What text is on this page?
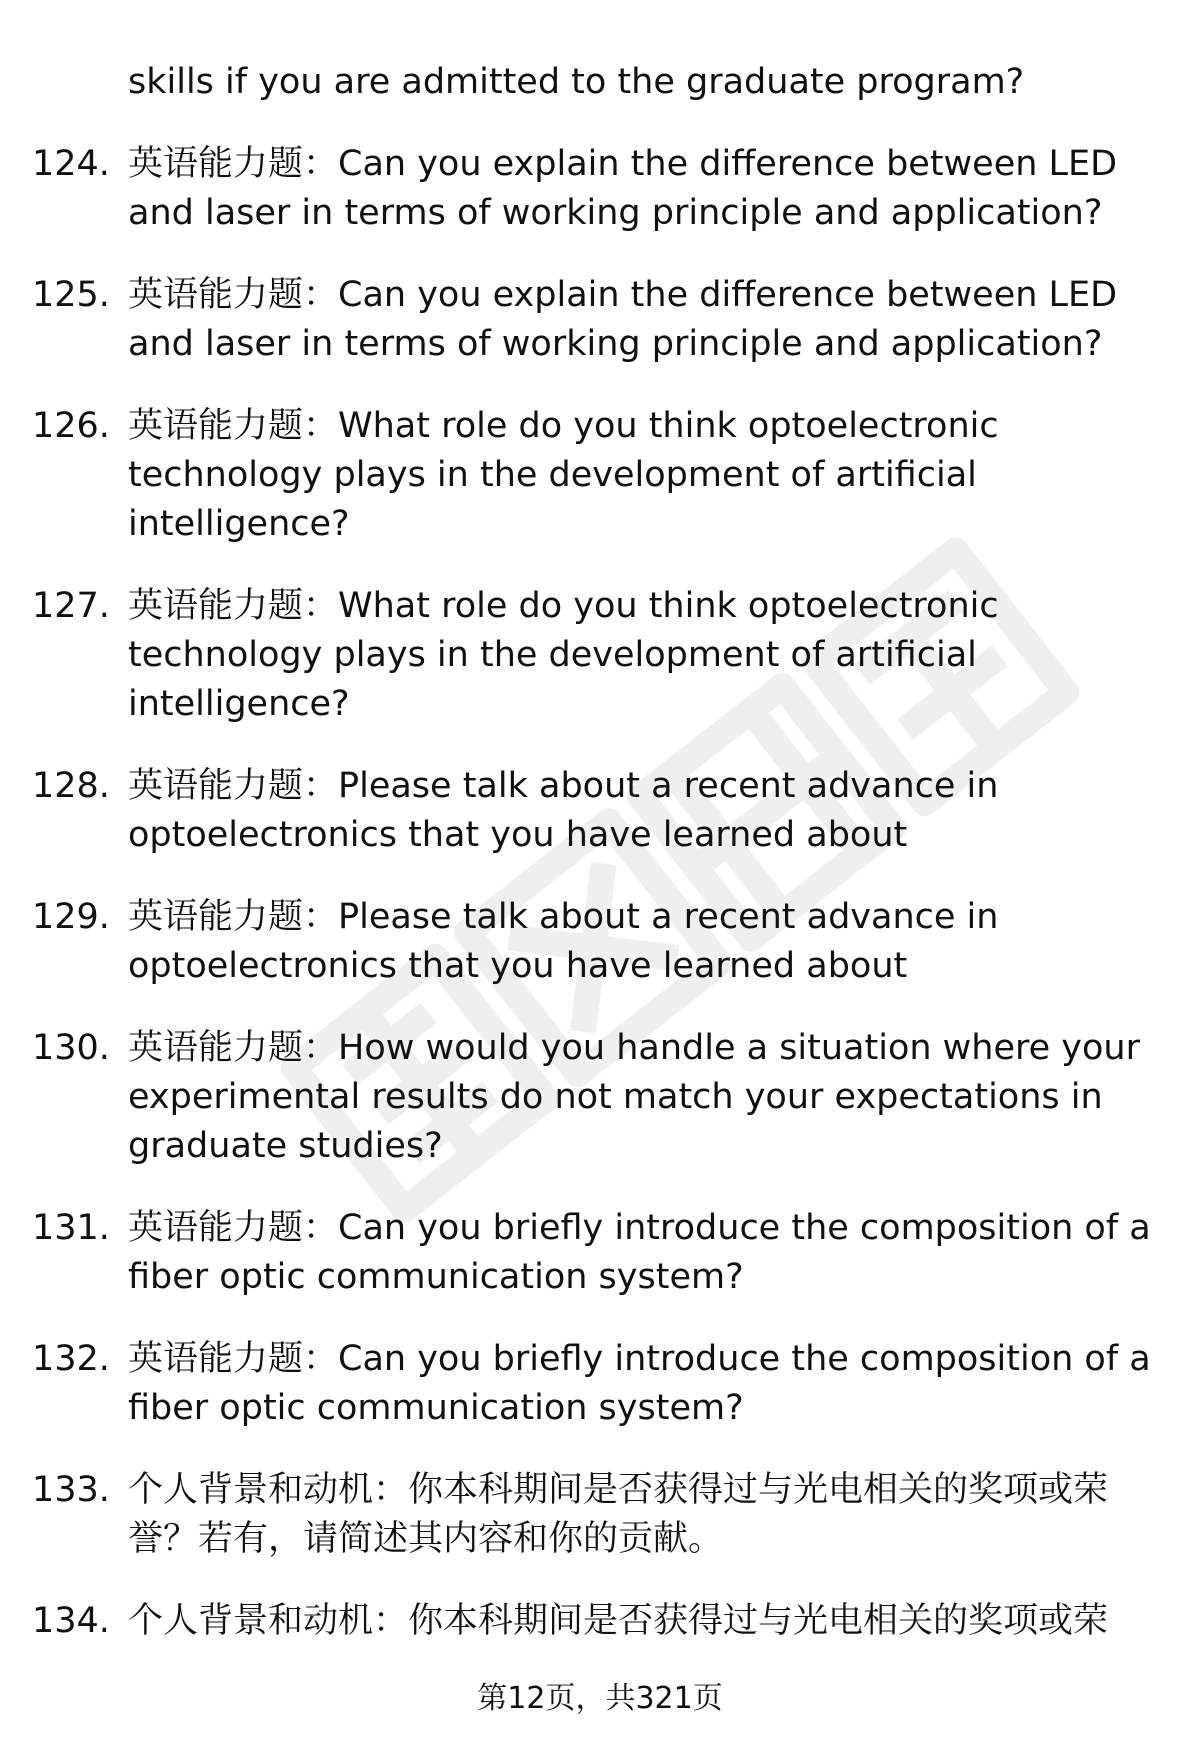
skills if you are admitted to the graduate program?
124. 英语能力题：Can you explain the difference between LED and laser in terms of working principle and application?
125. 英语能力题：Can you explain the difference between LED and laser in terms of working principle and application?
126. 英语能力题：What role do you think optoelectronic technology plays in the development of artificial intelligence?
127. 英语能力题：What role do you think optoelectronic technology plays in the development of artificial intelligence?
128. 英语能力题：Please talk about a recent advance in optoelectronics that you have learned about
129. 英语能力题：Please talk about a recent advance in optoelectronics that you have learned about
130. 英语能力题：How would you handle a situation where your experimental results do not match your expectations in graduate studies?
131. 英语能力题：Can you briefly introduce the composition of a fiber optic communication system?
132. 英语能力题：Can you briefly introduce the composition of a fiber optic communication system?
133. 个人背景和动机：你本科期间是否获得过与光电相关的奖项或荣誉？若有，请简述其内容和你的贡献。
134. 个人背景和动机：你本科期间是否获得过与光电相关的奖项或荣
第12页，共321页
